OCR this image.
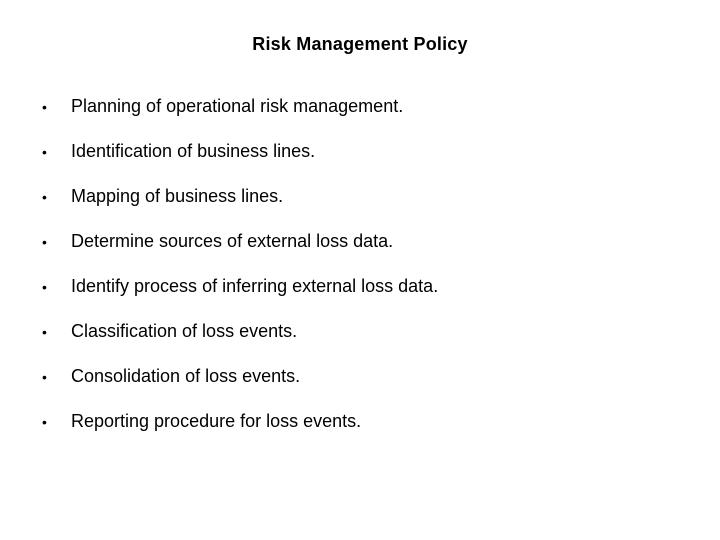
Risk Management Policy
•	Planning of operational risk management.
•	Identification of business lines.
•	Mapping of business lines.
•	Determine sources of external loss data.
•	Identify process of inferring external loss data.
•	Classification of loss events.
•	Consolidation of loss events.
•	Reporting procedure for loss events.
